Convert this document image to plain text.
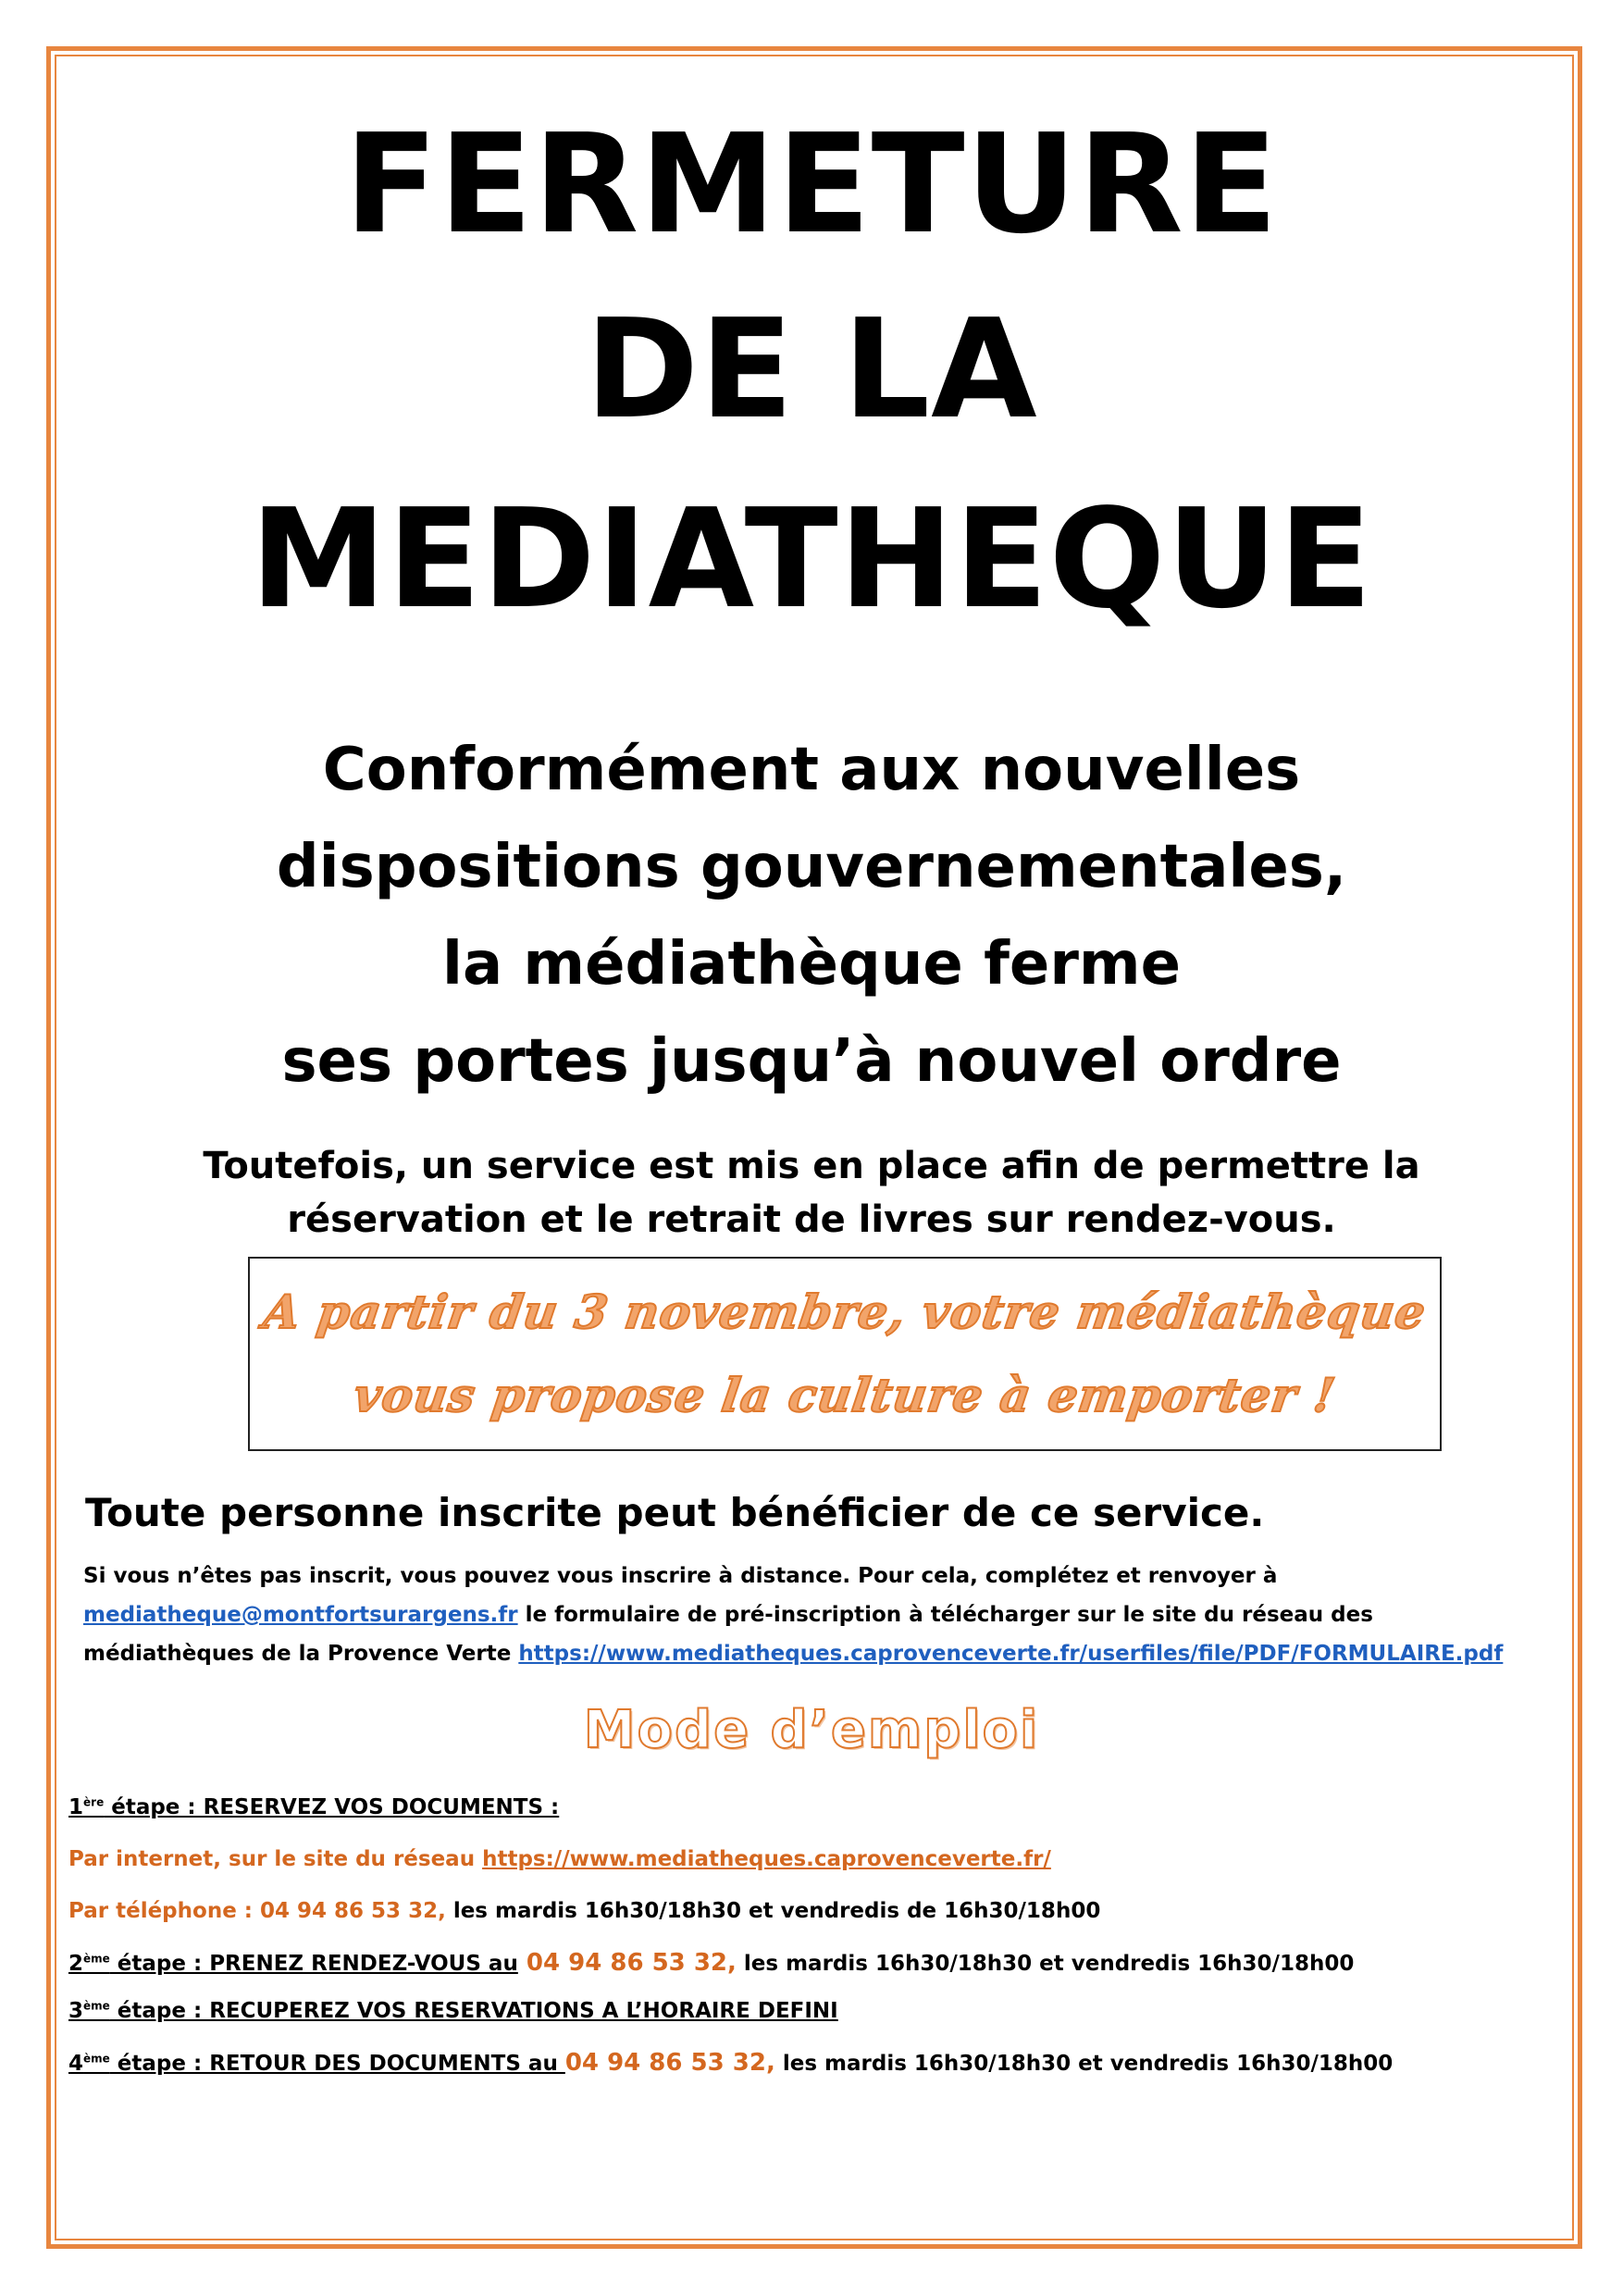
FERMETURE
DE LA
MEDIATHEQUE
Conformément aux nouvelles
dispositions gouvernementales,
la médiathèque ferme
ses portes jusqu’à nouvel ordre
Toutefois, un service est mis en place afin de permettre la
réservation et le retrait de livres sur rendez-vous.
A partir du 3 novembre, votre médiathèque
vous propose la culture à emporter !
Toute personne inscrite peut bénéficier de ce service.
Si vous n’êtes pas inscrit, vous pouvez vous inscrire à distance. Pour cela, complétez et renvoyer à
mediatheque@montfortsurargens.fr le formulaire de pré-inscription à télécharger sur le site du réseau des
médiathèques de la Provence Verte https://www.mediatheques.caprovenceverte.fr/userfiles/file/PDF/FORMULAIRE.pdf
Mode d’emploi
1ère étape : RESERVEZ VOS DOCUMENTS :
Par internet, sur le site du réseau https://www.mediatheques.caprovenceverte.fr/
Par téléphone : 04 94 86 53 32, les mardis 16h30/18h30 et vendredis de 16h30/18h00
2ème étape : PRENEZ RENDEZ-VOUS au 04 94 86 53 32, les mardis 16h30/18h30 et vendredis 16h30/18h00
3ème étape : RECUPEREZ VOS RESERVATIONS A L’HORAIRE DEFINI
4ème étape : RETOUR DES DOCUMENTS au 04 94 86 53 32, les mardis 16h30/18h30 et vendredis 16h30/18h00
